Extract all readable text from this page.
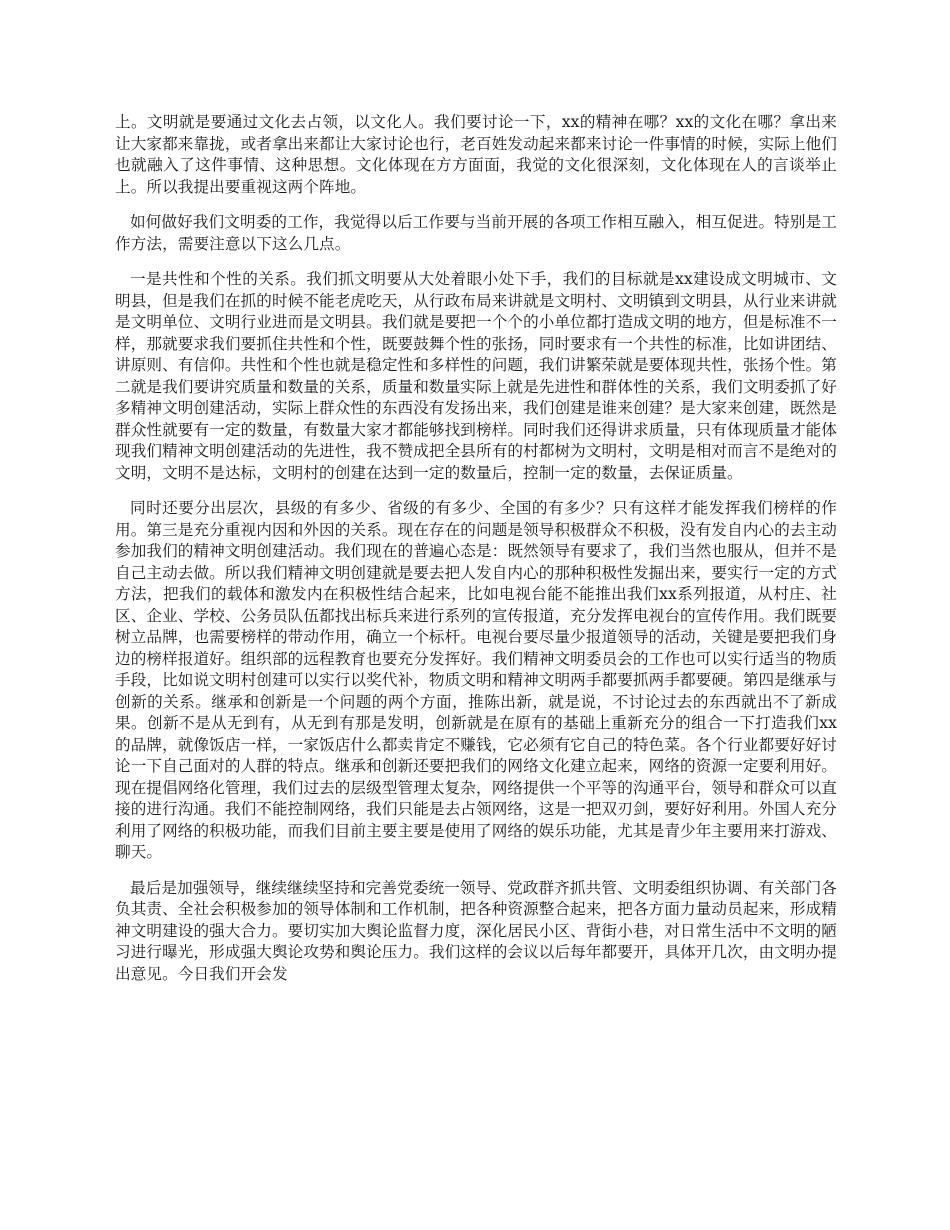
上。文明就是要通过文化去占领，以文化人。我们要讨论一下，xx的精神在哪？xx的文化在哪？拿出来让大家都来靠拢，或者拿出来都让大家讨论也行，老百姓发动起来都来讨论一件事情的时候，实际上他们也就融入了这件事情、这种思想。文化体现在方方面面，我觉的文化很深刻，文化体现在人的言谈举止上。所以我提出要重视这两个阵地。

如何做好我们文明委的工作，我觉得以后工作要与当前开展的各项工作相互融入，相互促进。特别是工作方法，需要注意以下这么几点。

一是共性和个性的关系。我们抓文明要从大处着眼小处下手，我们的目标就是xx建设成文明城市、文明县，但是我们在抓的时候不能老虎吃天，从行政布局来讲就是文明村、文明镇到文明县，从行业来讲就是文明单位、文明行业进而是文明县。我们就是要把一个个的小单位都打造成文明的地方，但是标准不一样，那就要求我们要抓住共性和个性，既要鼓舞个性的张扬，同时要求有一个共性的标准，比如讲团结、讲原则、有信仰。共性和个性也就是稳定性和多样性的问题，我们讲繁荣就是要体现共性，张扬个性。第二就是我们要讲究质量和数量的关系，质量和数量实际上就是先进性和群体性的关系，我们文明委抓了好多精神文明创建活动，实际上群众性的东西没有发扬出来，我们创建是谁来创建？是大家来创建，既然是群众性就要有一定的数量，有数量大家才都能够找到榜样。同时我们还得讲求质量，只有体现质量才能体现我们精神文明创建活动的先进性，我不赞成把全县所有的村都树为文明村，文明是相对而言不是绝对的文明，文明不是达标，文明村的创建在达到一定的数量后，控制一定的数量，去保证质量。

同时还要分出层次，县级的有多少、省级的有多少、全国的有多少？只有这样才能发挥我们榜样的作用。第三是充分重视内因和外因的关系。现在存在的问题是领导积极群众不积极，没有发自内心的去主动参加我们的精神文明创建活动。我们现在的普遍心态是：既然领导有要求了，我们当然也服从，但并不是自己主动去做。所以我们精神文明创建就是要去把人发自内心的那种积极性发掘出来，要实行一定的方式方法，把我们的载体和激发内在积极性结合起来，比如电视台能不能推出我们xx系列报道，从村庄、社区、企业、学校、公务员队伍都找出标兵来进行系列的宣传报道，充分发挥电视台的宣传作用。我们既要树立品牌，也需要榜样的带动作用，确立一个标杆。电视台要尽量少报道领导的活动，关键是要把我们身边的榜样报道好。组织部的远程教育也要充分发挥好。我们精神文明委员会的工作也可以实行适当的物质手段，比如说文明村创建可以实行以奖代补，物质文明和精神文明两手都要抓两手都要硬。第四是继承与创新的关系。继承和创新是一个问题的两个方面，推陈出新，就是说，不讨论过去的东西就出不了新成果。创新不是从无到有，从无到有那是发明，创新就是在原有的基础上重新充分的组合一下打造我们xx的品牌，就像饭店一样，一家饭店什么都卖肯定不赚钱，它必须有它自己的特色菜。各个行业都要好好讨论一下自己面对的人群的特点。继承和创新还要把我们的网络文化建立起来，网络的资源一定要利用好。现在提倡网络化管理，我们过去的层级型管理太复杂，网络提供一个平等的沟通平台，领导和群众可以直接的进行沟通。我们不能控制网络，我们只能是去占领网络，这是一把双刃剑，要好好利用。外国人充分利用了网络的积极功能，而我们目前主要主要是使用了网络的娱乐功能，尤其是青少年主要用来打游戏、聊天。

最后是加强领导，继续继续坚持和完善党委统一领导、党政群齐抓共管、文明委组织协调、有关部门各负其责、全社会积极参加的领导体制和工作机制，把各种资源整合起来，把各方面力量动员起来，形成精神文明建设的强大合力。要切实加大舆论监督力度，深化居民小区、背街小巷，对日常生活中不文明的陋习进行曝光，形成强大舆论攻势和舆论压力。我们这样的会议以后每年都要开，具体开几次，由文明办提出意见。今日我们开会发
